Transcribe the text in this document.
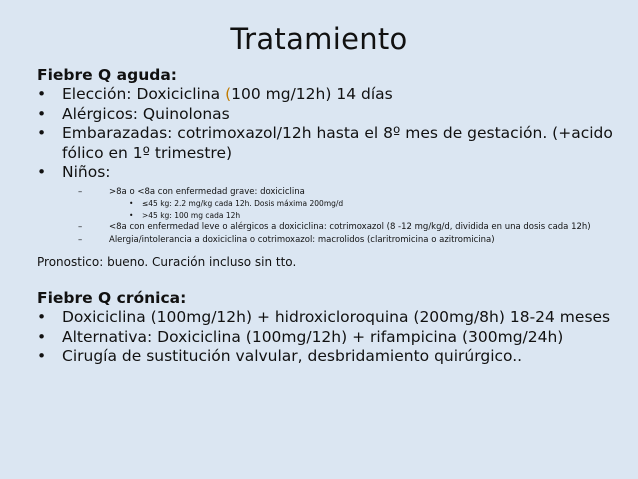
Tratamiento
Fiebre Q aguda:
•	Elección: Doxiciclina (100 mg/12h) 14 días
•	Alérgicos: Quinolonas
•	Embarazadas: cotrimoxazol/12h hasta el 8º mes de gestación. (+acido fólico en 1º trimestre)
•	Niños:
–	>8a o <8a con enfermedad grave: doxiciclina
• ≤45 kg: 2.2 mg/kg cada 12h. Dosis máxima 200mg/d
• >45 kg: 100 mg cada 12h
–	<8a con enfermedad leve o alérgicos a doxiciclina: cotrimoxazol (8 -12 mg/kg/d, dividida en una dosis cada 12h)
–	Alergia/intolerancia a doxiciclina o cotrimoxazol: macrolidos (claritromicina o azitromicina)
Pronostico: bueno. Curación incluso sin tto.
Fiebre Q crónica:
•	Doxiciclina (100mg/12h) + hidroxicloroquina (200mg/8h) 18-24 meses
•	Alternativa: Doxiciclina (100mg/12h) + rifampicina (300mg/24h)
•	Cirugía de sustitución valvular, desbridamiento quirúrgico..
